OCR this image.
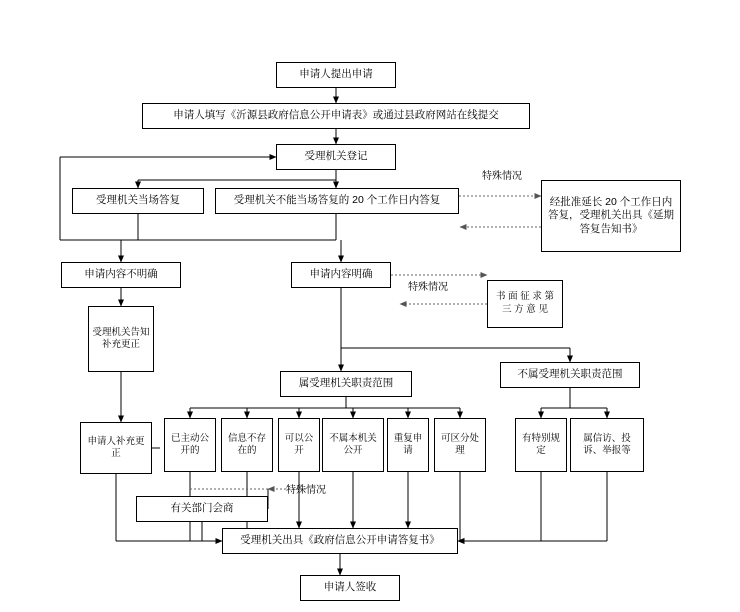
申请人提出申请
申请人填写《沂源县政府信息公开申请表》或通过县政府网站在线提交
受理机关登记
受理机关当场答复	受理机关不能当场答复的 20 个工作日内答复	经批准延长 20 个工作日内答复，受理机关出具《延期答复告知书》
申请内容不明确	申请内容明确
书 面 征 求 第 三 方 意 见
受理机关告知补充更正
属受理机关职责范围
不属受理机关职责范围
申请人补充更正
已主动公开的
信息不存在的
可以公开
不属本机关公开
重复申请
可区分处理
有特别规定
属信访、投诉、举报等
有关部门会商
受理机关出具《政府信息公开申请答复书》
申请人签收
特殊情况
特殊情况
特殊情况
